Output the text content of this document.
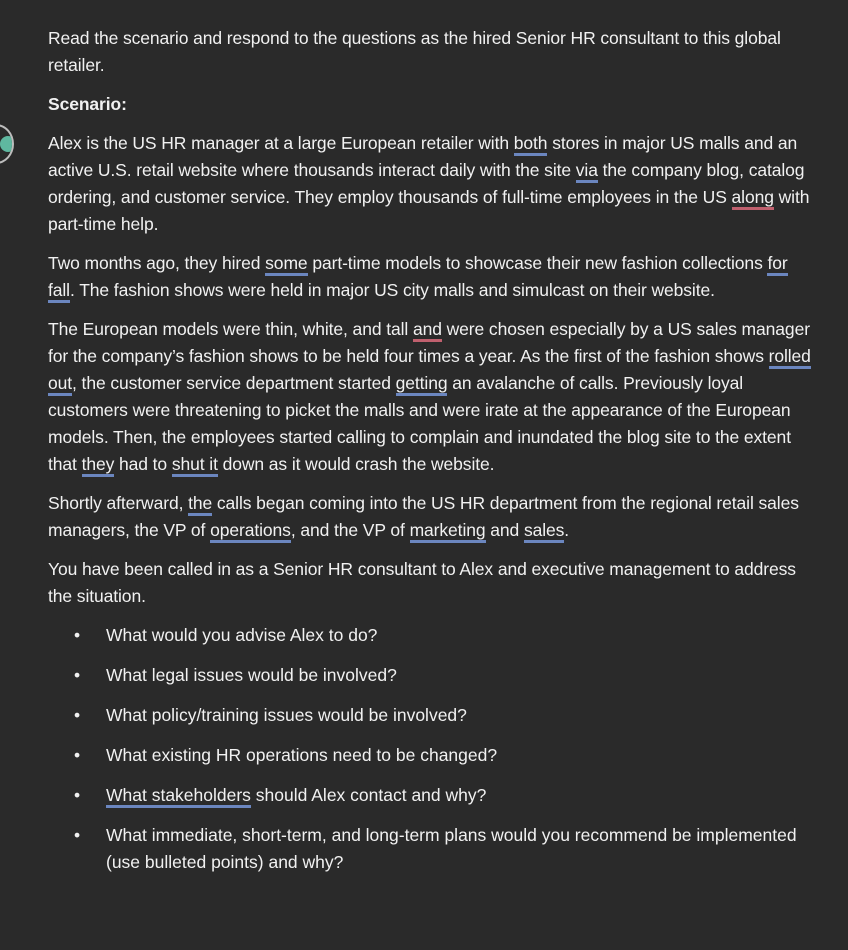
Read the scenario and respond to the questions as the hired Senior HR consultant to this global retailer.

Scenario:

Alex is the US HR manager at a large European retailer with both stores in major US malls and an active U.S. retail website where thousands interact daily with the site via the company blog, catalog ordering, and customer service. They employ thousands of full-time employees in the US along with part-time help.

Two months ago, they hired some part-time models to showcase their new fashion collections for fall. The fashion shows were held in major US city malls and simulcast on their website.

The European models were thin, white, and tall and were chosen especially by a US sales manager for the company’s fashion shows to be held four times a year. As the first of the fashion shows rolled out, the customer service department started getting an avalanche of calls. Previously loyal customers were threatening to picket the malls and were irate at the appearance of the European models. Then, the employees started calling to complain and inundated the blog site to the extent that they had to shut it down as it would crash the website.

Shortly afterward, the calls began coming into the US HR department from the regional retail sales managers, the VP of operations, and the VP of marketing and sales.

You have been called in as a Senior HR consultant to Alex and executive management to address the situation.

• What would you advise Alex to do?
• What legal issues would be involved?
• What policy/training issues would be involved?
• What existing HR operations need to be changed?
• What stakeholders should Alex contact and why?
• What immediate, short-term, and long-term plans would you recommend be implemented (use bulleted points) and why?
